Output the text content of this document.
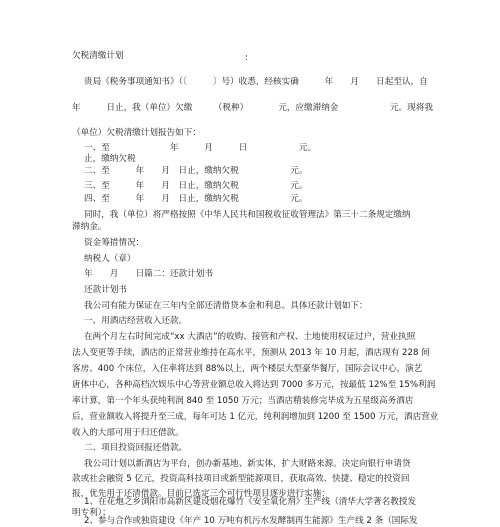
欠税清缴计划	:
贵局《税务事项通知书》（〔　　　〕号）收悉，经核实确　　　年　　月　　日起至认，自
年　　　日止，我（单位）欠缴　　　（税种）　　　　元，应缴滞纳金　　　　　　元。现将我
（单位）欠税清缴计划报告如下：
一、至　　　　　　　年　　　月　　　日　　　　　　元。
止，缴纳欠税
二、至　　　年　　月　日止，缴纳欠税　　　　　　元。
三、至　　　年　　月　日止，缴纳欠税　　　　　　元。
四、至　　　年　　月　日止，缴纳欠税　　　　　　元。
同时，我（单位）将严格按照《中华人民共和国税收征收管理法》第三十二条规定缴纳
滞纳金。
资金筹措情况：
纳税人（章）
年　　月　　日篇二：还款计划书
还款计划书
我公司有能力保证在三年内全部还清借贷本金和利息。具体还款计划如下：
一、用酒店经营收入还款。
在两个月左右时间完成“xx 大酒店”的收购、接管和产权、土地使用权证过户，营业执照
法人变更等手续，酒店的正常营业维持在高水平，预测从 2013 年 10 月起，酒店现有 228 间
客房、400 个床位，入住率将达到 88%以上，两个楼层大型豪华餐厅，国际会议中心，演艺
唐体中心，各种高档次娱乐中心等营业额总收入将达到 7000 多万元，按最低 12%至 15%利润
率计算，第一个年头获纯利润 840 至 1050 万元；当酒店精装修完毕成为五星级高务酒店
后，营业额收入将提升至三成，每年可达 1 亿元，纯利润增加到 1200 至 1500 万元，酒店营业
收入的大部可用于归还借款。
二、项目投资回报还借款。
我公司计划以新酒店为平台，创办新基地、新实体，扩大财路来源。决定向银行申请贷
款或社会融资 5 亿元，投资高科技项目或新型能源项目，获取高效、快捷、稳定的投资回
报，优先用于还清借款。目前已选定三个可行性项目逐步进行实施：
1、在花炮之乡浏阳市高新区建设烟花爆竹《安全氧化剂》生产线（清华大学著名教授发
明专利）；
2、参与合作或独资建设《年产 10 万吨有机污水发酵制再生能源》生产线 2 条（国际发
